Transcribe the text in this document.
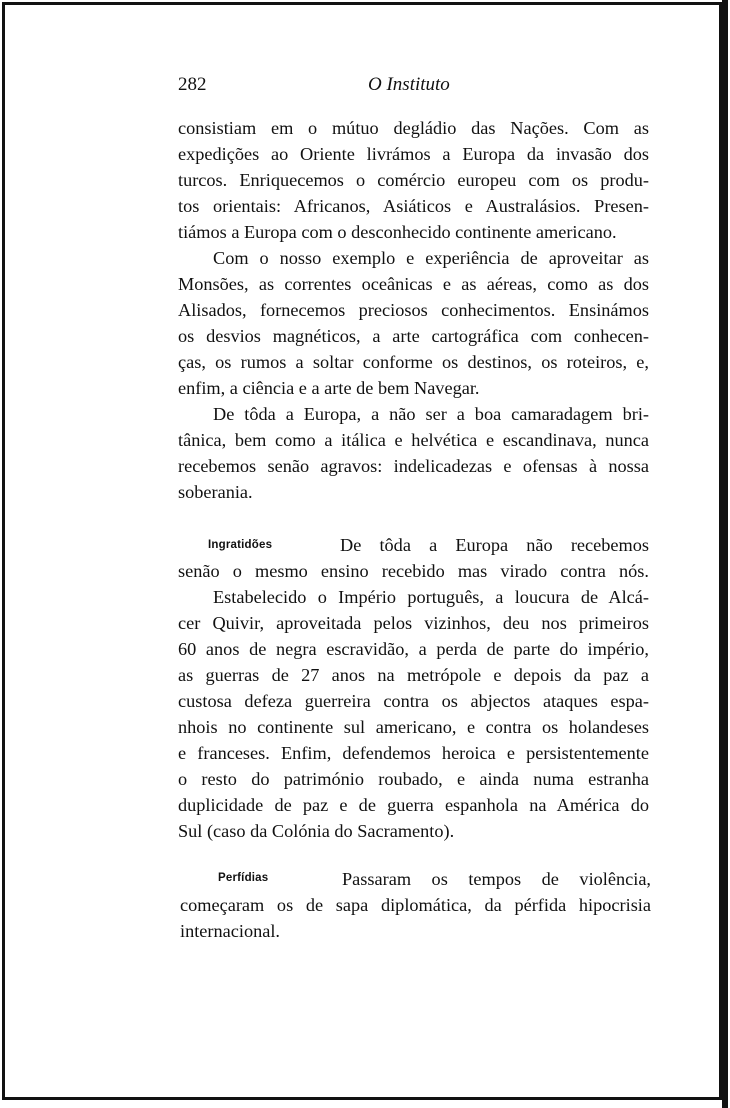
282	O Instituto
consistiam em o mútuo degládio das Nações. Com as
expedições ao Oriente livrámos a Europa da invasão dos
turcos. Enriquecemos o comércio europeu com os produ-
tos orientais: Africanos, Asiáticos e Australásios. Presen-
tiámos a Europa com o desconhecido continente americano.
Com o nosso exemplo e experiência de aproveitar as
Monsões, as correntes oceânicas e as aéreas, como as dos
Alisados, fornecemos preciosos conhecimentos. Ensinámos
os desvios magnéticos, a arte cartográfica com conhecen-
ças, os rumos a soltar conforme os destinos, os roteiros, e,
enfim, a ciência e a arte de bem Navegar.
De tôda a Europa, a não ser a boa camaradagem bri-
tânica, bem como a itálica e helvética e escandinava, nunca
recebemos senão agravos: indelicadezas e ofensas à nossa
soberania.
Ingratidões	De tôda a Europa não recebemos
senão o mesmo ensino recebido mas virado contra nós.
Estabelecido o Império português, a loucura de Alcá-
cer Quivir, aproveitada pelos vizinhos, deu nos primeiros
60 anos de negra escravidão, a perda de parte do império,
as guerras de 27 anos na metrópole e depois da paz a
custosa defeza guerreira contra os abjectos ataques espa-
nhois no continente sul americano, e contra os holandeses
e franceses. Enfim, defendemos heroica e persistentemente
o resto do património roubado, e ainda numa estranha
duplicidade de paz e de guerra espanhola na América do
Sul (caso da Colónia do Sacramento).
Perfídias	Passaram os tempos de violência,
começaram os de sapa diplomática, da pérfida hipocrisia
internacional.
